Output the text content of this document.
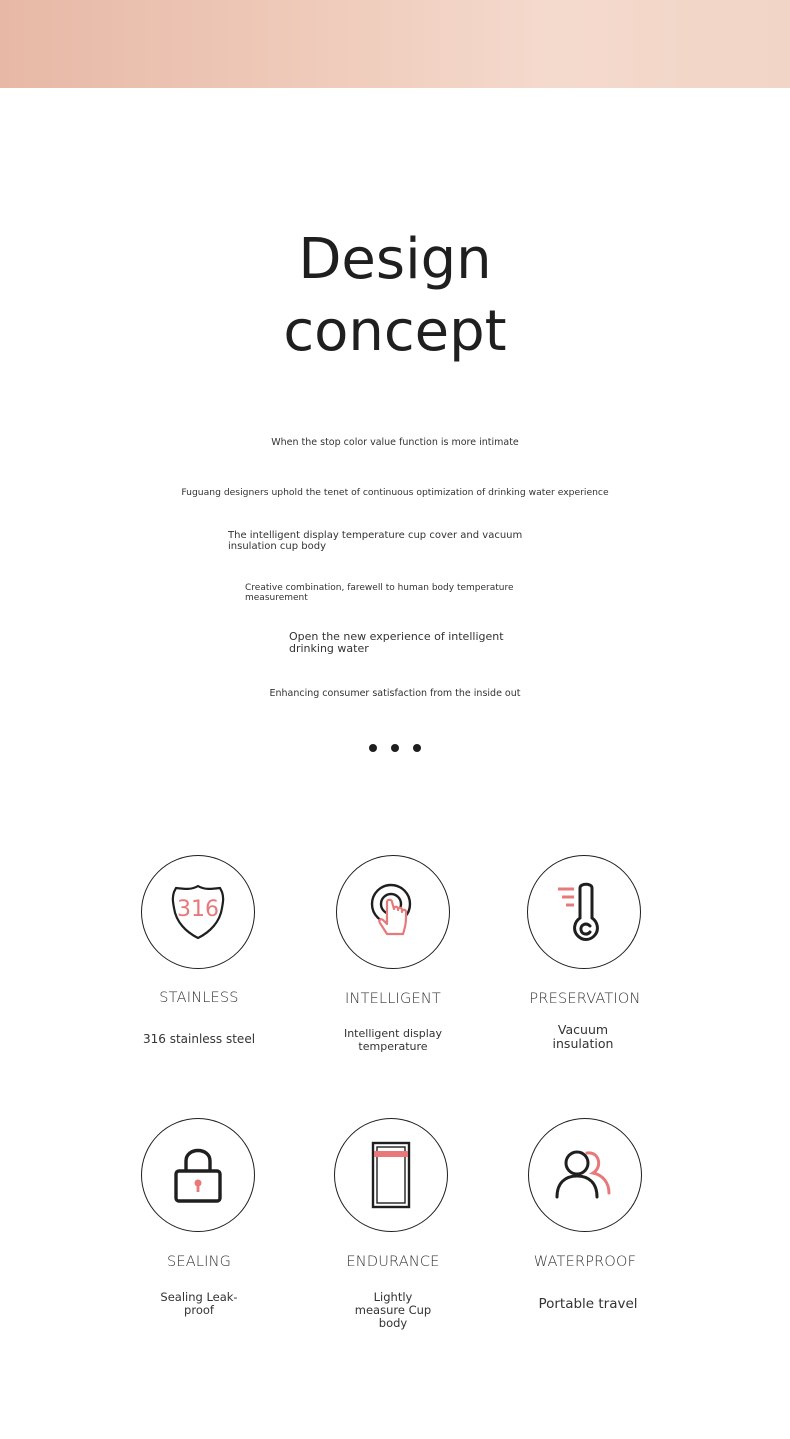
Design
concept
When the stop color value function is more intimate
Fuguang designers uphold the tenet of continuous optimization of drinking water experience
The intelligent display temperature cup cover and vacuum insulation cup body
Creative combination, farewell to human body temperature measurement
Open the new experience of intelligent drinking water
Enhancing consumer satisfaction from the inside out
316
STAINLESS
316 stainless steel
INTELLIGENT
Intelligent display temperature
PRESERVATION
Vacuum insulation
SEALING
Sealing Leak-proof
ENDURANCE
Lightly measure Cup body
WATERPROOF
Portable travel
